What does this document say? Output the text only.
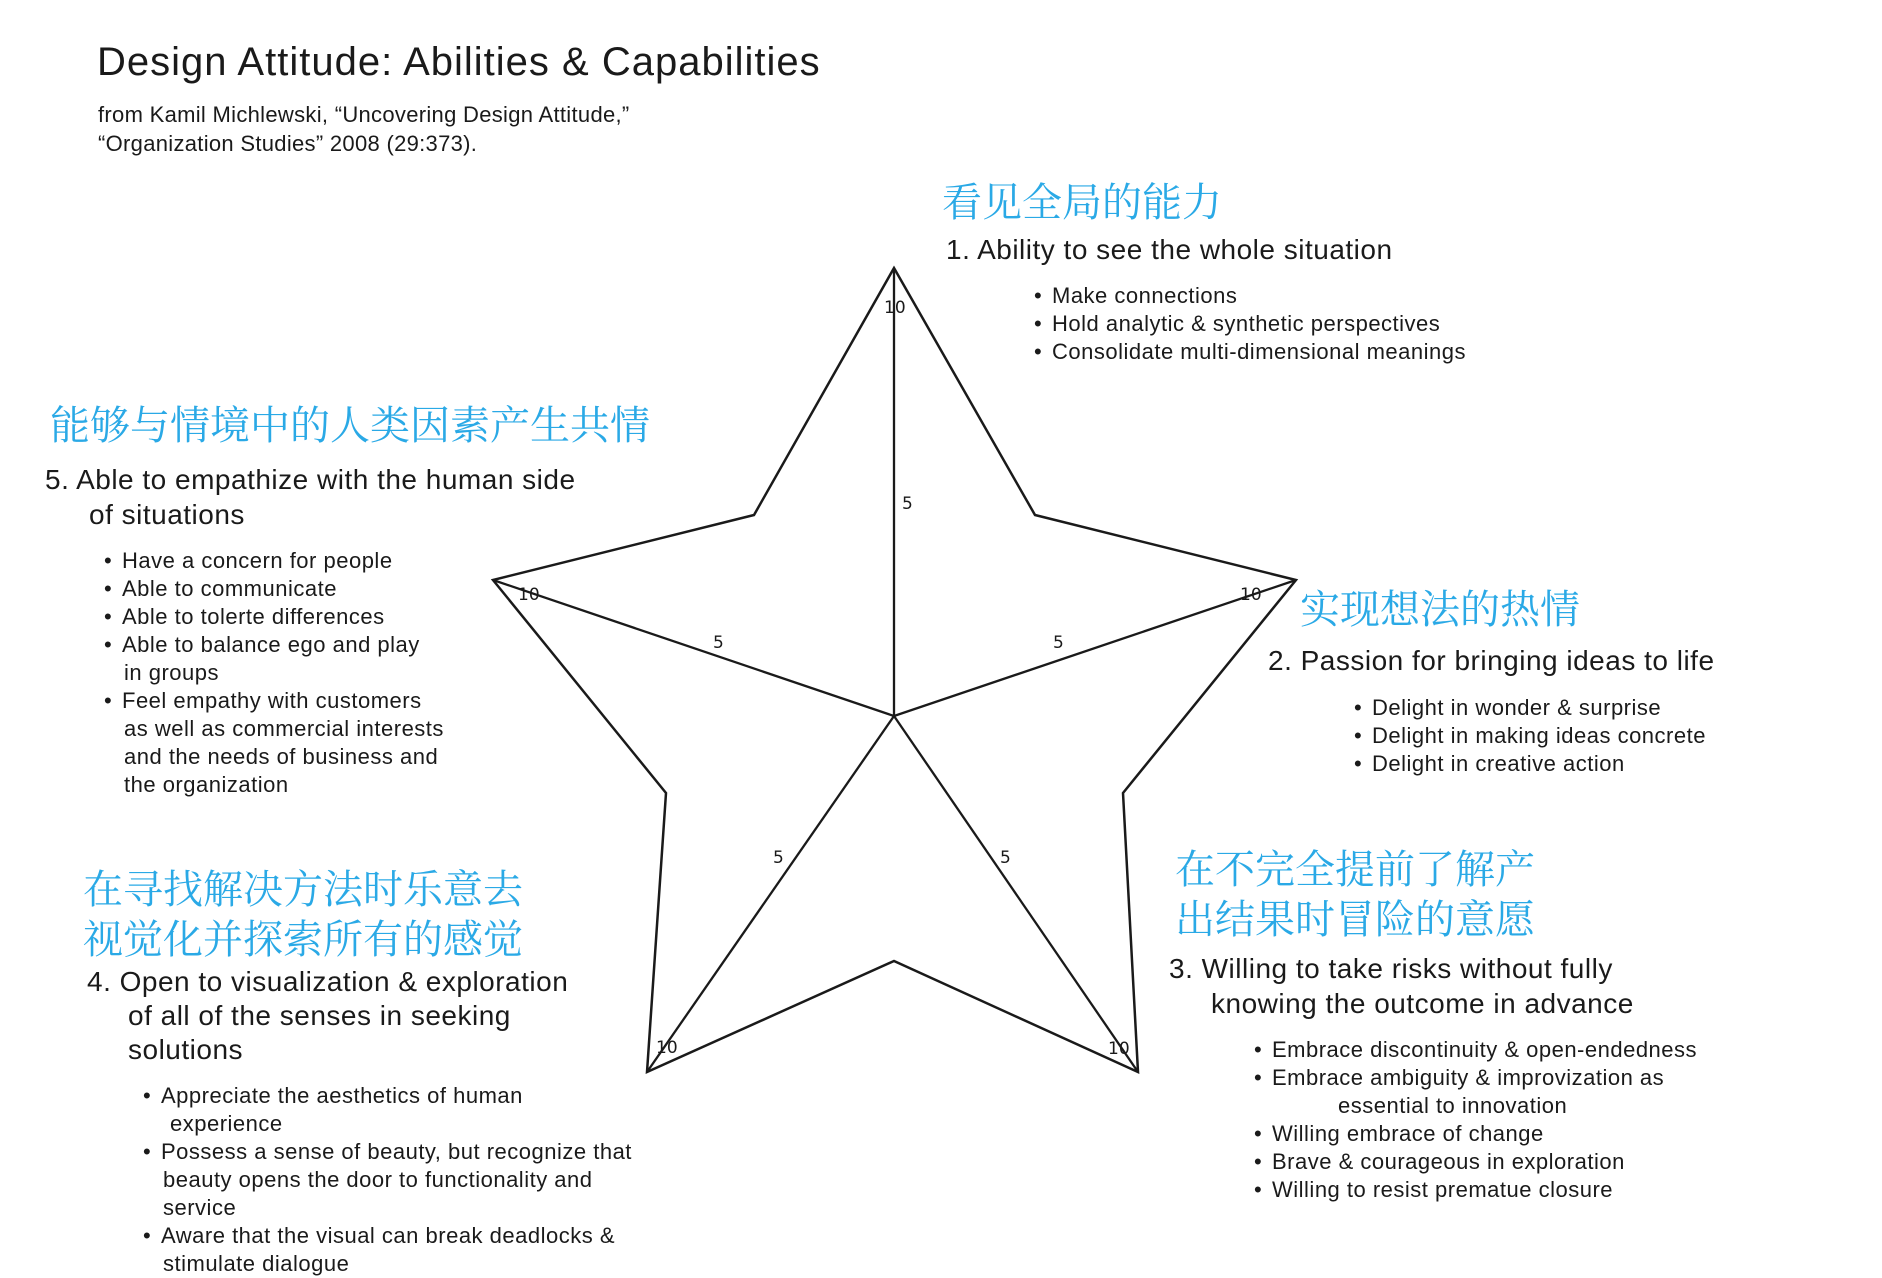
Design Attitude: Abilities & Capabilities
from Kamil Michlewski, “Uncovering Design Attitude,”
“Organization Studies” 2008 (29:373).
10
5
10
5
10
5
10
5
10
5
看见全局的能力
1. Ability to see the whole situation
• Make connections
• Hold analytic & synthetic perspectives
• Consolidate multi-dimensional meanings
能够与情境中的人类因素产生共情
5. Able to empathize with the human side
of situations
• Have a concern for people
• Able to communicate
• Able to tolerte differences
• Able to balance ego and play
in groups
• Feel empathy with customers
as well as commercial interests
and the needs of business and
the organization
实现想法的热情
2. Passion for bringing ideas to life
• Delight in wonder & surprise
• Delight in making ideas concrete
• Delight in creative action
在寻找解决方法时乐意去
视觉化并探索所有的感觉
4. Open to visualization & exploration
of all of the senses in seeking
solutions
• Appreciate the aesthetics of human
experience
• Possess a sense of beauty, but recognize that
beauty opens the door to functionality and
service
• Aware that the visual can break deadlocks &
stimulate dialogue
在不完全提前了解产
出结果时冒险的意愿
3. Willing to take risks without fully
knowing the outcome in advance
• Embrace discontinuity & open-endedness
• Embrace ambiguity & improvization as
essential to innovation
• Willing embrace of change
• Brave & courageous in exploration
• Willing to resist prematue closure
